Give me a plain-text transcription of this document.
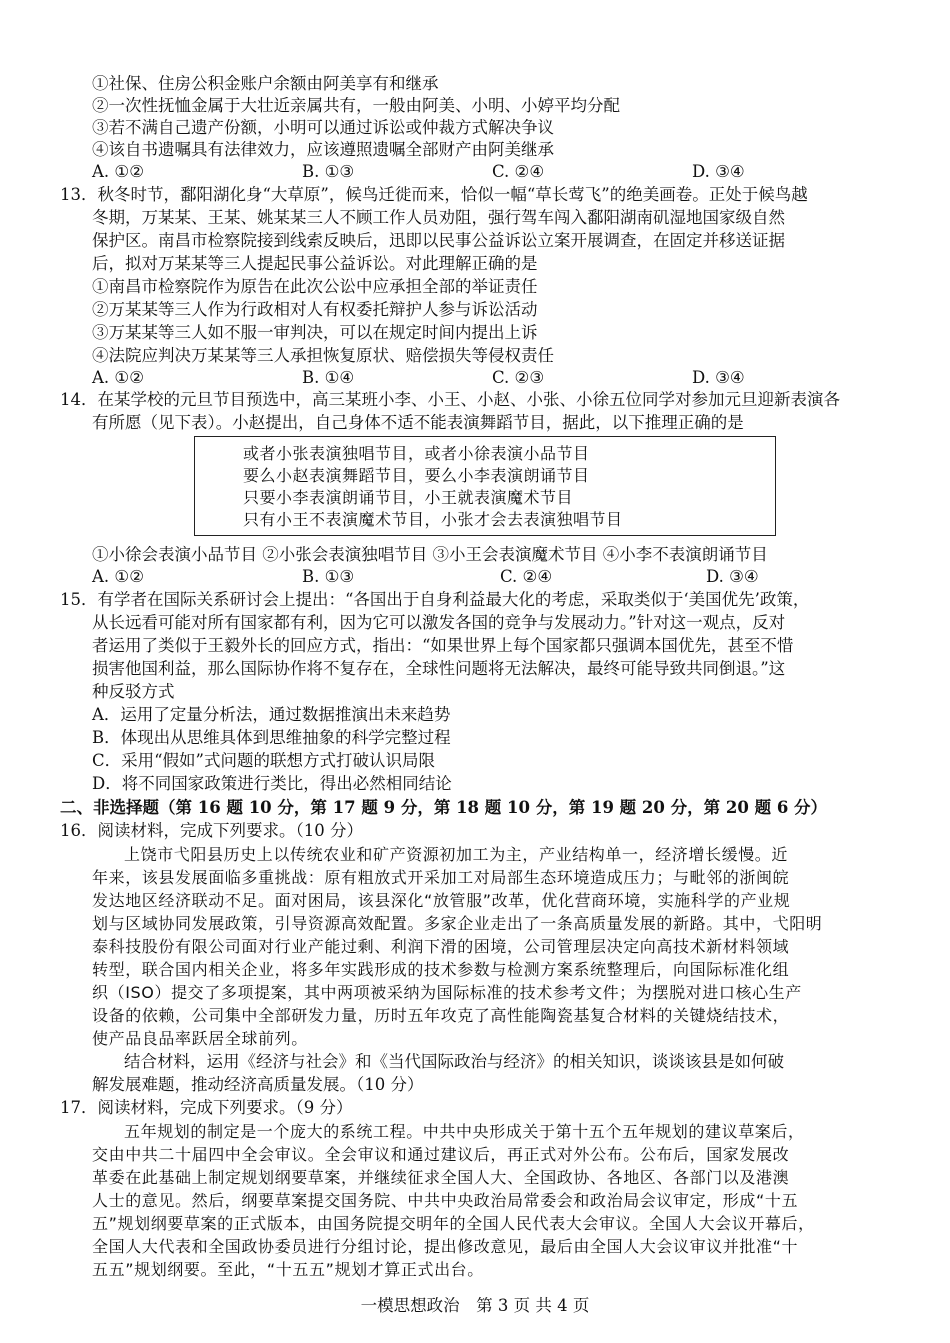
①社保、住房公积金账户余额由阿美享有和继承
②一次性抚恤金属于大壮近亲属共有，一般由阿美、小明、小婷平均分配
③若不满自己遗产份额，小明可以通过诉讼或仲裁方式解决争议
④该自书遗嘱具有法律效力，应该遵照遗嘱全部财产由阿美继承
A. ①②	B. ①③	C. ②④	D. ③④
13．秋冬时节，鄱阳湖化身“大草原”，候鸟迁徙而来，恰似一幅“草长莺飞”的绝美画卷。正处于候鸟越
冬期，万某某、王某、姚某某三人不顾工作人员劝阻，强行驾车闯入鄱阳湖南矶湿地国家级自然
保护区。南昌市检察院接到线索反映后，迅即以民事公益诉讼立案开展调查，在固定并移送证据
后，拟对万某某等三人提起民事公益诉讼。对此理解正确的是
①南昌市检察院作为原告在此次公讼中应承担全部的举证责任
②万某某等三人作为行政相对人有权委托辩护人参与诉讼活动
③万某某等三人如不服一审判决，可以在规定时间内提出上诉
④法院应判决万某某等三人承担恢复原状、赔偿损失等侵权责任
A. ①②	B. ①④	C. ②③	D. ③④
14．在某学校的元旦节目预选中，高三某班小李、小王、小赵、小张、小徐五位同学对参加元旦迎新表演各
有所愿（见下表）。小赵提出，自己身体不适不能表演舞蹈节目，据此，以下推理正确的是
或者小张表演独唱节目，或者小徐表演小品节目
要么小赵表演舞蹈节目，要么小李表演朗诵节目
只要小李表演朗诵节目，小王就表演魔术节目
只有小王不表演魔术节目，小张才会去表演独唱节目
①小徐会表演小品节目 ②小张会表演独唱节目 ③小王会表演魔术节目 ④小李不表演朗诵节目
A. ①②	B. ①③	C. ②④	D. ③④
15．有学者在国际关系研讨会上提出：“各国出于自身利益最大化的考虑，采取类似于‘美国优先’政策，
从长远看可能对所有国家都有利，因为它可以激发各国的竞争与发展动力。”针对这一观点，反对
者运用了类似于王毅外长的回应方式，指出：“如果世界上每个国家都只强调本国优先，甚至不惜
损害他国利益，那么国际协作将不复存在，全球性问题将无法解决，最终可能导致共同倒退。”这
种反驳方式
A．运用了定量分析法，通过数据推演出未来趋势
B．体现出从思维具体到思维抽象的科学完整过程
C．采用“假如”式问题的联想方式打破认识局限
D．将不同国家政策进行类比，得出必然相同结论
二、非选择题（第 16 题 10 分，第 17 题 9 分，第 18 题 10 分，第 19 题 20 分，第 20 题 6 分）
16．阅读材料，完成下列要求。（10 分）
上饶市弋阳县历史上以传统农业和矿产资源初加工为主，产业结构单一，经济增长缓慢。近
年来，该县发展面临多重挑战：原有粗放式开采加工对局部生态环境造成压力；与毗邻的浙闽皖
发达地区经济联动不足。面对困局，该县深化“放管服”改革，优化营商环境，实施科学的产业规
划与区域协同发展政策，引导资源高效配置。多家企业走出了一条高质量发展的新路。其中，弋阳明
泰科技股份有限公司面对行业产能过剩、利润下滑的困境，公司管理层决定向高技术新材料领域
转型，联合国内相关企业，将多年实践形成的技术参数与检测方案系统整理后，向国际标准化组
织（ISO）提交了多项提案，其中两项被采纳为国际标准的技术参考文件；为摆脱对进口核心生产
设备的依赖，公司集中全部研发力量，历时五年攻克了高性能陶瓷基复合材料的关键烧结技术，
使产品良品率跃居全球前列。
结合材料，运用《经济与社会》和《当代国际政治与经济》的相关知识，谈谈该县是如何破
解发展难题，推动经济高质量发展。（10 分）
17．阅读材料，完成下列要求。（9 分）
五年规划的制定是一个庞大的系统工程。中共中央形成关于第十五个五年规划的建议草案后，
交由中共二十届四中全会审议。全会审议和通过建议后，再正式对外公布。公布后，国家发展改
革委在此基础上制定规划纲要草案，并继续征求全国人大、全国政协、各地区、各部门以及港澳
人士的意见。然后，纲要草案提交国务院、中共中央政治局常委会和政治局会议审定，形成“十五
五”规划纲要草案的正式版本，由国务院提交明年的全国人民代表大会审议。全国人大会议开幕后，
全国人大代表和全国政协委员进行分组讨论，提出修改意见，最后由全国人大会议审议并批准“十
五五”规划纲要。至此，“十五五”规划才算正式出台。
一模思想政治　第 3 页 共 4 页
